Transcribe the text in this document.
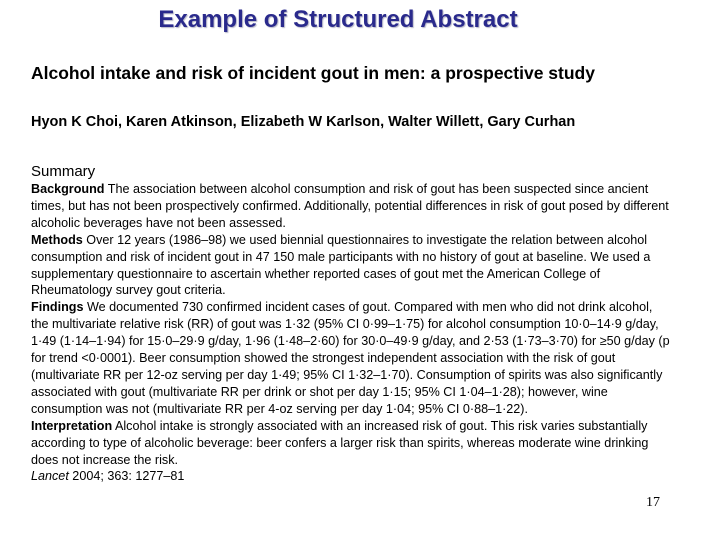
Example of Structured Abstract
Alcohol intake and risk of incident gout in men: a prospective study

Hyon K Choi, Karen Atkinson, Elizabeth W Karlson, Walter Willett, Gary Curhan

Summary

Background The association between alcohol consumption and risk of gout has been suspected since ancient times, but has not been prospectively confirmed. Additionally, potential differences in risk of gout posed by different alcoholic beverages have not been assessed.

Methods Over 12 years (1986–98) we used biennial questionnaires to investigate the relation between alcohol consumption and risk of incident gout in 47 150 male participants with no history of gout at baseline. We used a supplementary questionnaire to ascertain whether reported cases of gout met the American College of Rheumatology survey gout criteria.

Findings We documented 730 confirmed incident cases of gout. Compared with men who did not drink alcohol, the multivariate relative risk (RR) of gout was 1·32 (95% CI 0·99–1·75) for alcohol consumption 10·0–14·9 g/day, 1·49 (1·14–1·94) for 15·0–29·9 g/day, 1·96 (1·48–2·60) for 30·0–49·9 g/day, and 2·53 (1·73–3·70) for ≥50 g/day (p for trend <0·0001). Beer consumption showed the strongest independent association with the risk of gout (multivariate RR per 12-oz serving per day 1·49; 95% CI 1·32–1·70). Consumption of spirits was also significantly associated with gout (multivariate RR per drink or shot per day 1·15; 95% CI 1·04–1·28); however, wine consumption was not (multivariate RR per 4-oz serving per day 1·04; 95% CI 0·88–1·22).

Interpretation Alcohol intake is strongly associated with an increased risk of gout. This risk varies substantially according to type of alcoholic beverage: beer confers a larger risk than spirits, whereas moderate wine drinking does not increase the risk.

Lancet 2004; 363: 1277–81

17
